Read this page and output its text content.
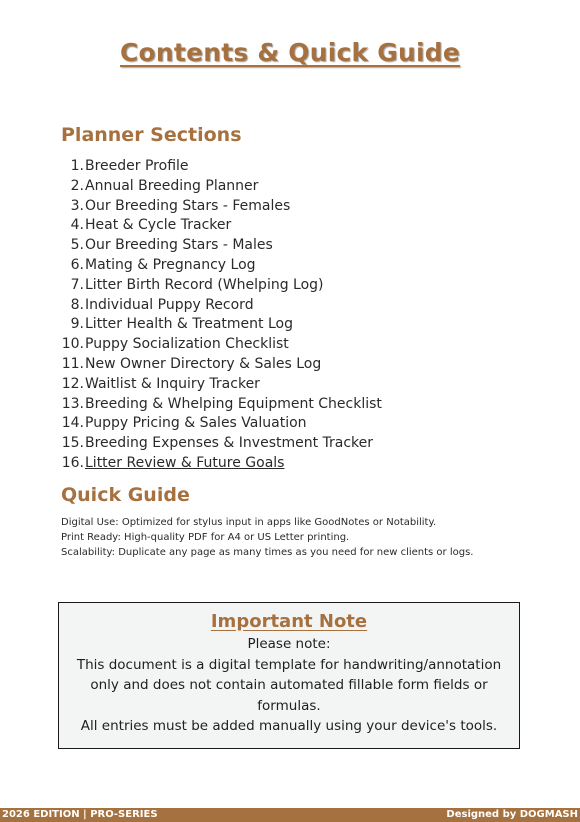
Contents & Quick Guide
Planner Sections
1. Breeder Profile
2. Annual Breeding Planner
3. Our Breeding Stars - Females
4. Heat & Cycle Tracker
5. Our Breeding Stars - Males
6. Mating & Pregnancy Log
7. Litter Birth Record (Whelping Log)
8. Individual Puppy Record
9. Litter Health & Treatment Log
10. Puppy Socialization Checklist
11. New Owner Directory & Sales Log
12. Waitlist & Inquiry Tracker
13. Breeding & Whelping Equipment Checklist
14. Puppy Pricing & Sales Valuation
15. Breeding Expenses & Investment Tracker
16. Litter Review & Future Goals
Quick Guide
Digital Use: Optimized for stylus input in apps like GoodNotes or Notability.
Print Ready: High-quality PDF for A4 or US Letter printing.
Scalability: Duplicate any page as many times as you need for new clients or logs.
Important Note
Please note:
This document is a digital template for handwriting/annotation
only and does not contain automated fillable form fields or
formulas.
All entries must be added manually using your device's tools.
2026 EDITION | PRO-SERIES	Designed by DOGMASH
